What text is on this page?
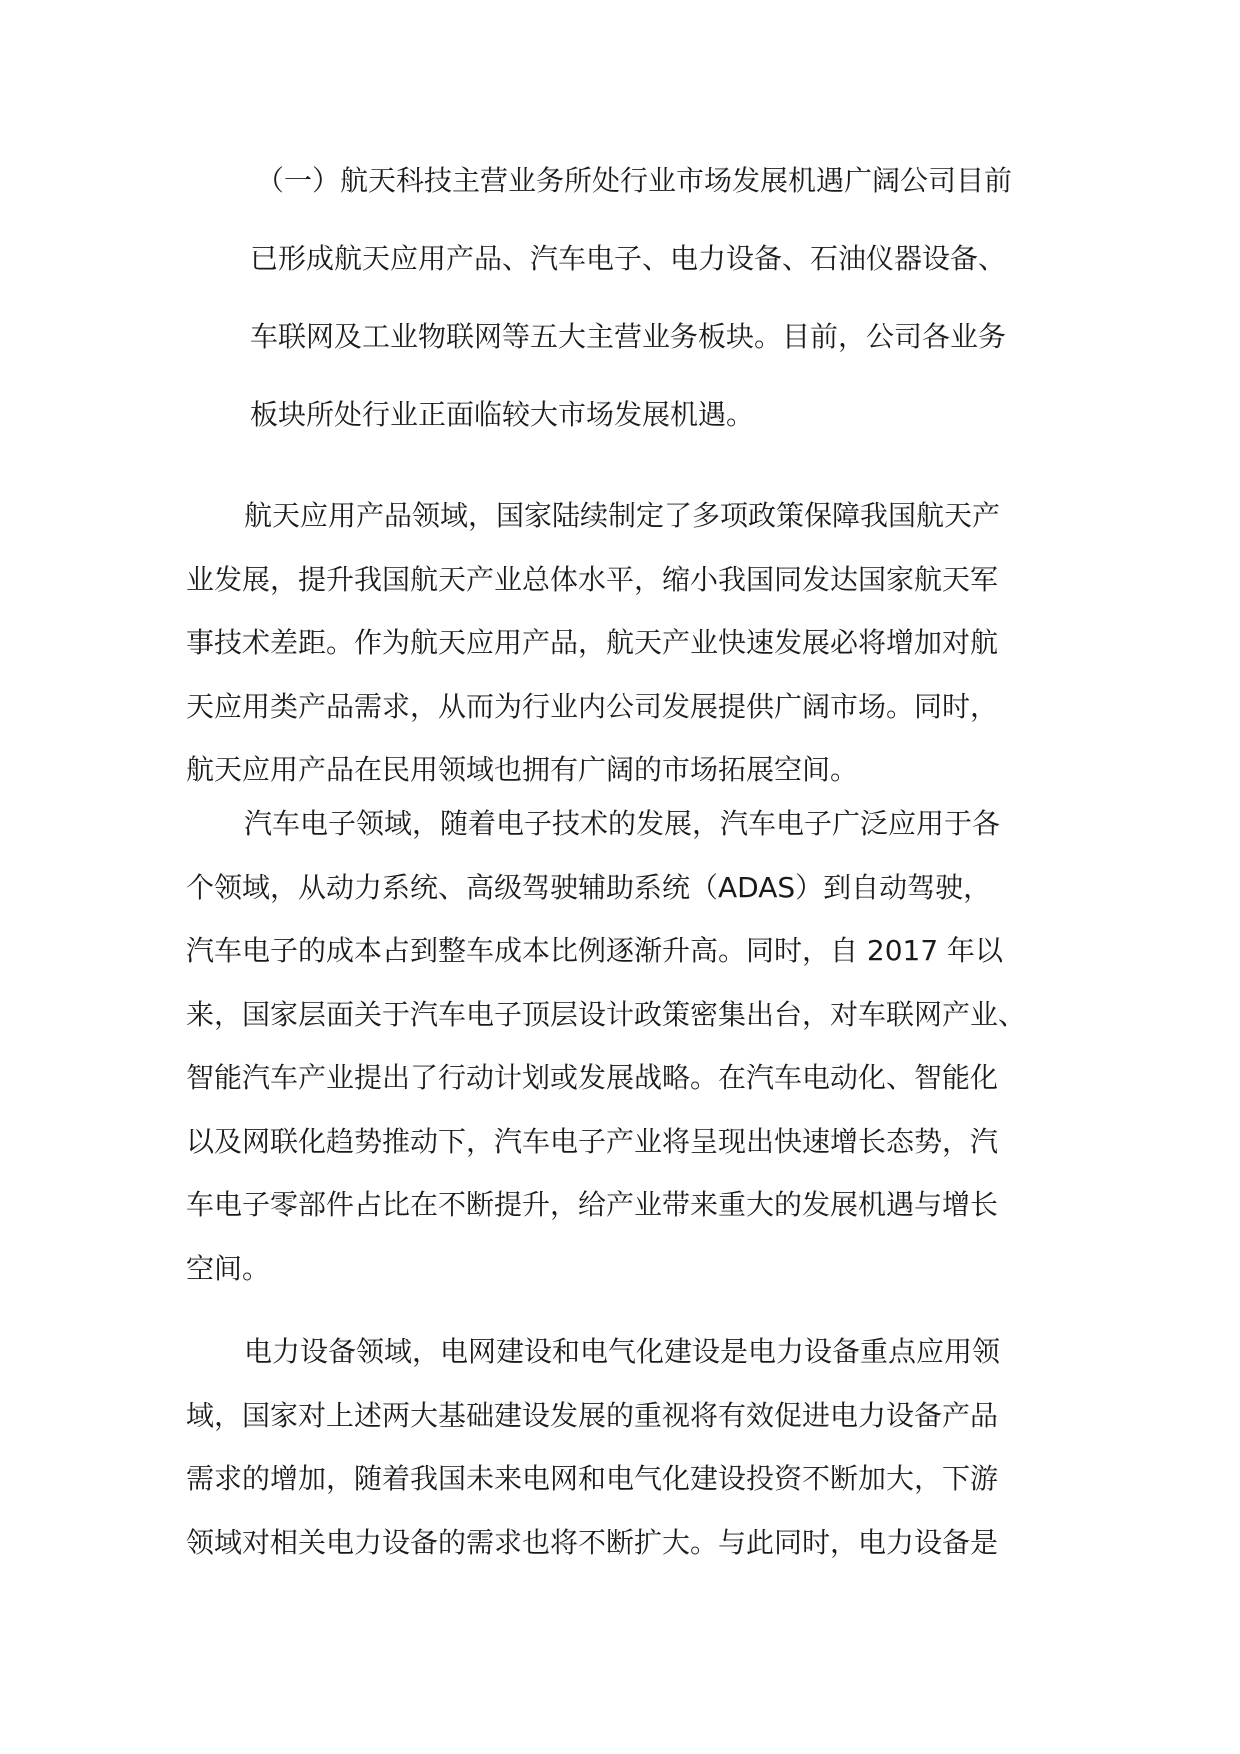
（一）航天科技主营业务所处行业市场发展机遇广阔公司目前
已形成航天应用产品、汽车电子、电力设备、石油仪器设备、
车联网及工业物联网等五大主营业务板块。目前，公司各业务
板块所处行业正面临较大市场发展机遇。
航天应用产品领域，国家陆续制定了多项政策保障我国航天产
业发展，提升我国航天产业总体水平，缩小我国同发达国家航天军
事技术差距。作为航天应用产品，航天产业快速发展必将增加对航
天应用类产品需求，从而为行业内公司发展提供广阔市场。同时，
航天应用产品在民用领域也拥有广阔的市场拓展空间。
汽车电子领域，随着电子技术的发展，汽车电子广泛应用于各
个领域，从动力系统、高级驾驶辅助系统（ADAS）到自动驾驶，
汽车电子的成本占到整车成本比例逐渐升高。同时，自 2017 年以
来，国家层面关于汽车电子顶层设计政策密集出台，对车联网产业、
智能汽车产业提出了行动计划或发展战略。在汽车电动化、智能化
以及网联化趋势推动下，汽车电子产业将呈现出快速增长态势，汽
车电子零部件占比在不断提升，给产业带来重大的发展机遇与增长
空间。
电力设备领域，电网建设和电气化建设是电力设备重点应用领
域，国家对上述两大基础建设发展的重视将有效促进电力设备产品
需求的增加，随着我国未来电网和电气化建设投资不断加大，下游
领域对相关电力设备的需求也将不断扩大。与此同时，电力设备是
